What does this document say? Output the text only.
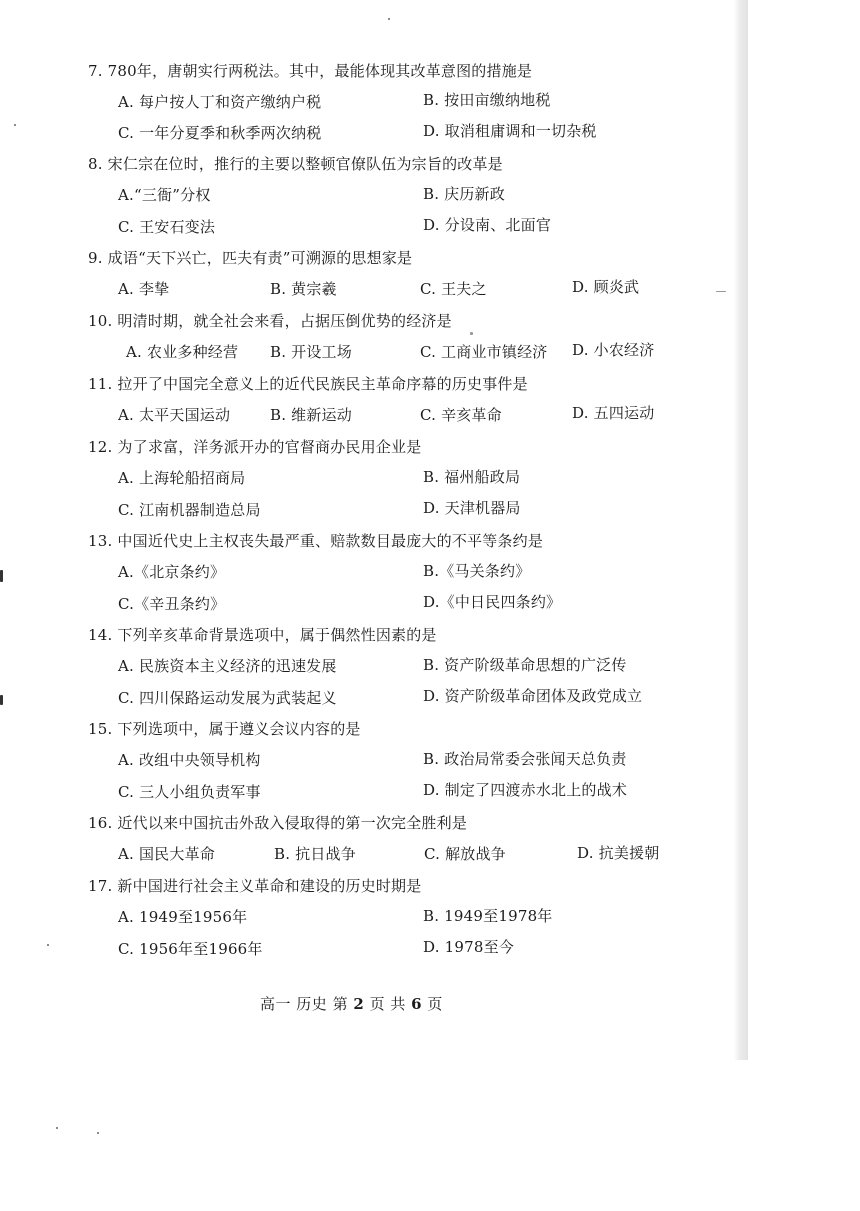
7. 780年，唐朝实行两税法。其中，最能体现其改革意图的措施是
A. 每户按人丁和资产缴纳户税	B. 按田亩缴纳地税
C. 一年分夏季和秋季两次纳税	D. 取消租庸调和一切杂税
8. 宋仁宗在位时，推行的主要以整顿官僚队伍为宗旨的改革是
A.“三衙”分权	B. 庆历新政
C. 王安石变法	D. 分设南、北面官
9. 成语“天下兴亡，匹夫有责”可溯源的思想家是
A. 李挚	B. 黄宗羲	C. 王夫之	D. 顾炎武
10. 明清时期，就全社会来看，占据压倒优势的经济是
A. 农业多种经营 B. 开设工场	C. 工商业市镇经济 D. 小农经济
11. 拉开了中国完全意义上的近代民族民主革命序幕的历史事件是
A. 太平天国运动	B. 维新运动	C. 辛亥革命	D. 五四运动
12. 为了求富，洋务派开办的官督商办民用企业是
A. 上海轮船招商局	B. 福州船政局
C. 江南机器制造总局	D. 天津机器局
13. 中国近代史上主权丧失最严重、赔款数目最庞大的不平等条约是
A.《北京条约》	B.《马关条约》
C.《辛丑条约》	D.《中日民四条约》
14. 下列辛亥革命背景选项中，属于偶然性因素的是
A. 民族资本主义经济的迅速发展	B. 资产阶级革命思想的广泛传
C. 四川保路运动发展为武装起义	D. 资产阶级革命团体及政党成立
15. 下列选项中，属于遵义会议内容的是
A. 改组中央领导机构	B. 政治局常委会张闻天总负责
C. 三人小组负责军事	D. 制定了四渡赤水北上的战术
16. 近代以来中国抗击外敌入侵取得的第一次完全胜利是
A. 国民大革命	B. 抗日战争	C. 解放战争	D. 抗美援朝
17. 新中国进行社会主义革命和建设的历史时期是
A. 1949至1956年	B. 1949至1978年
C. 1956年至1966年	D. 1978至今
高一 历史 第 2 页 共 6 页
